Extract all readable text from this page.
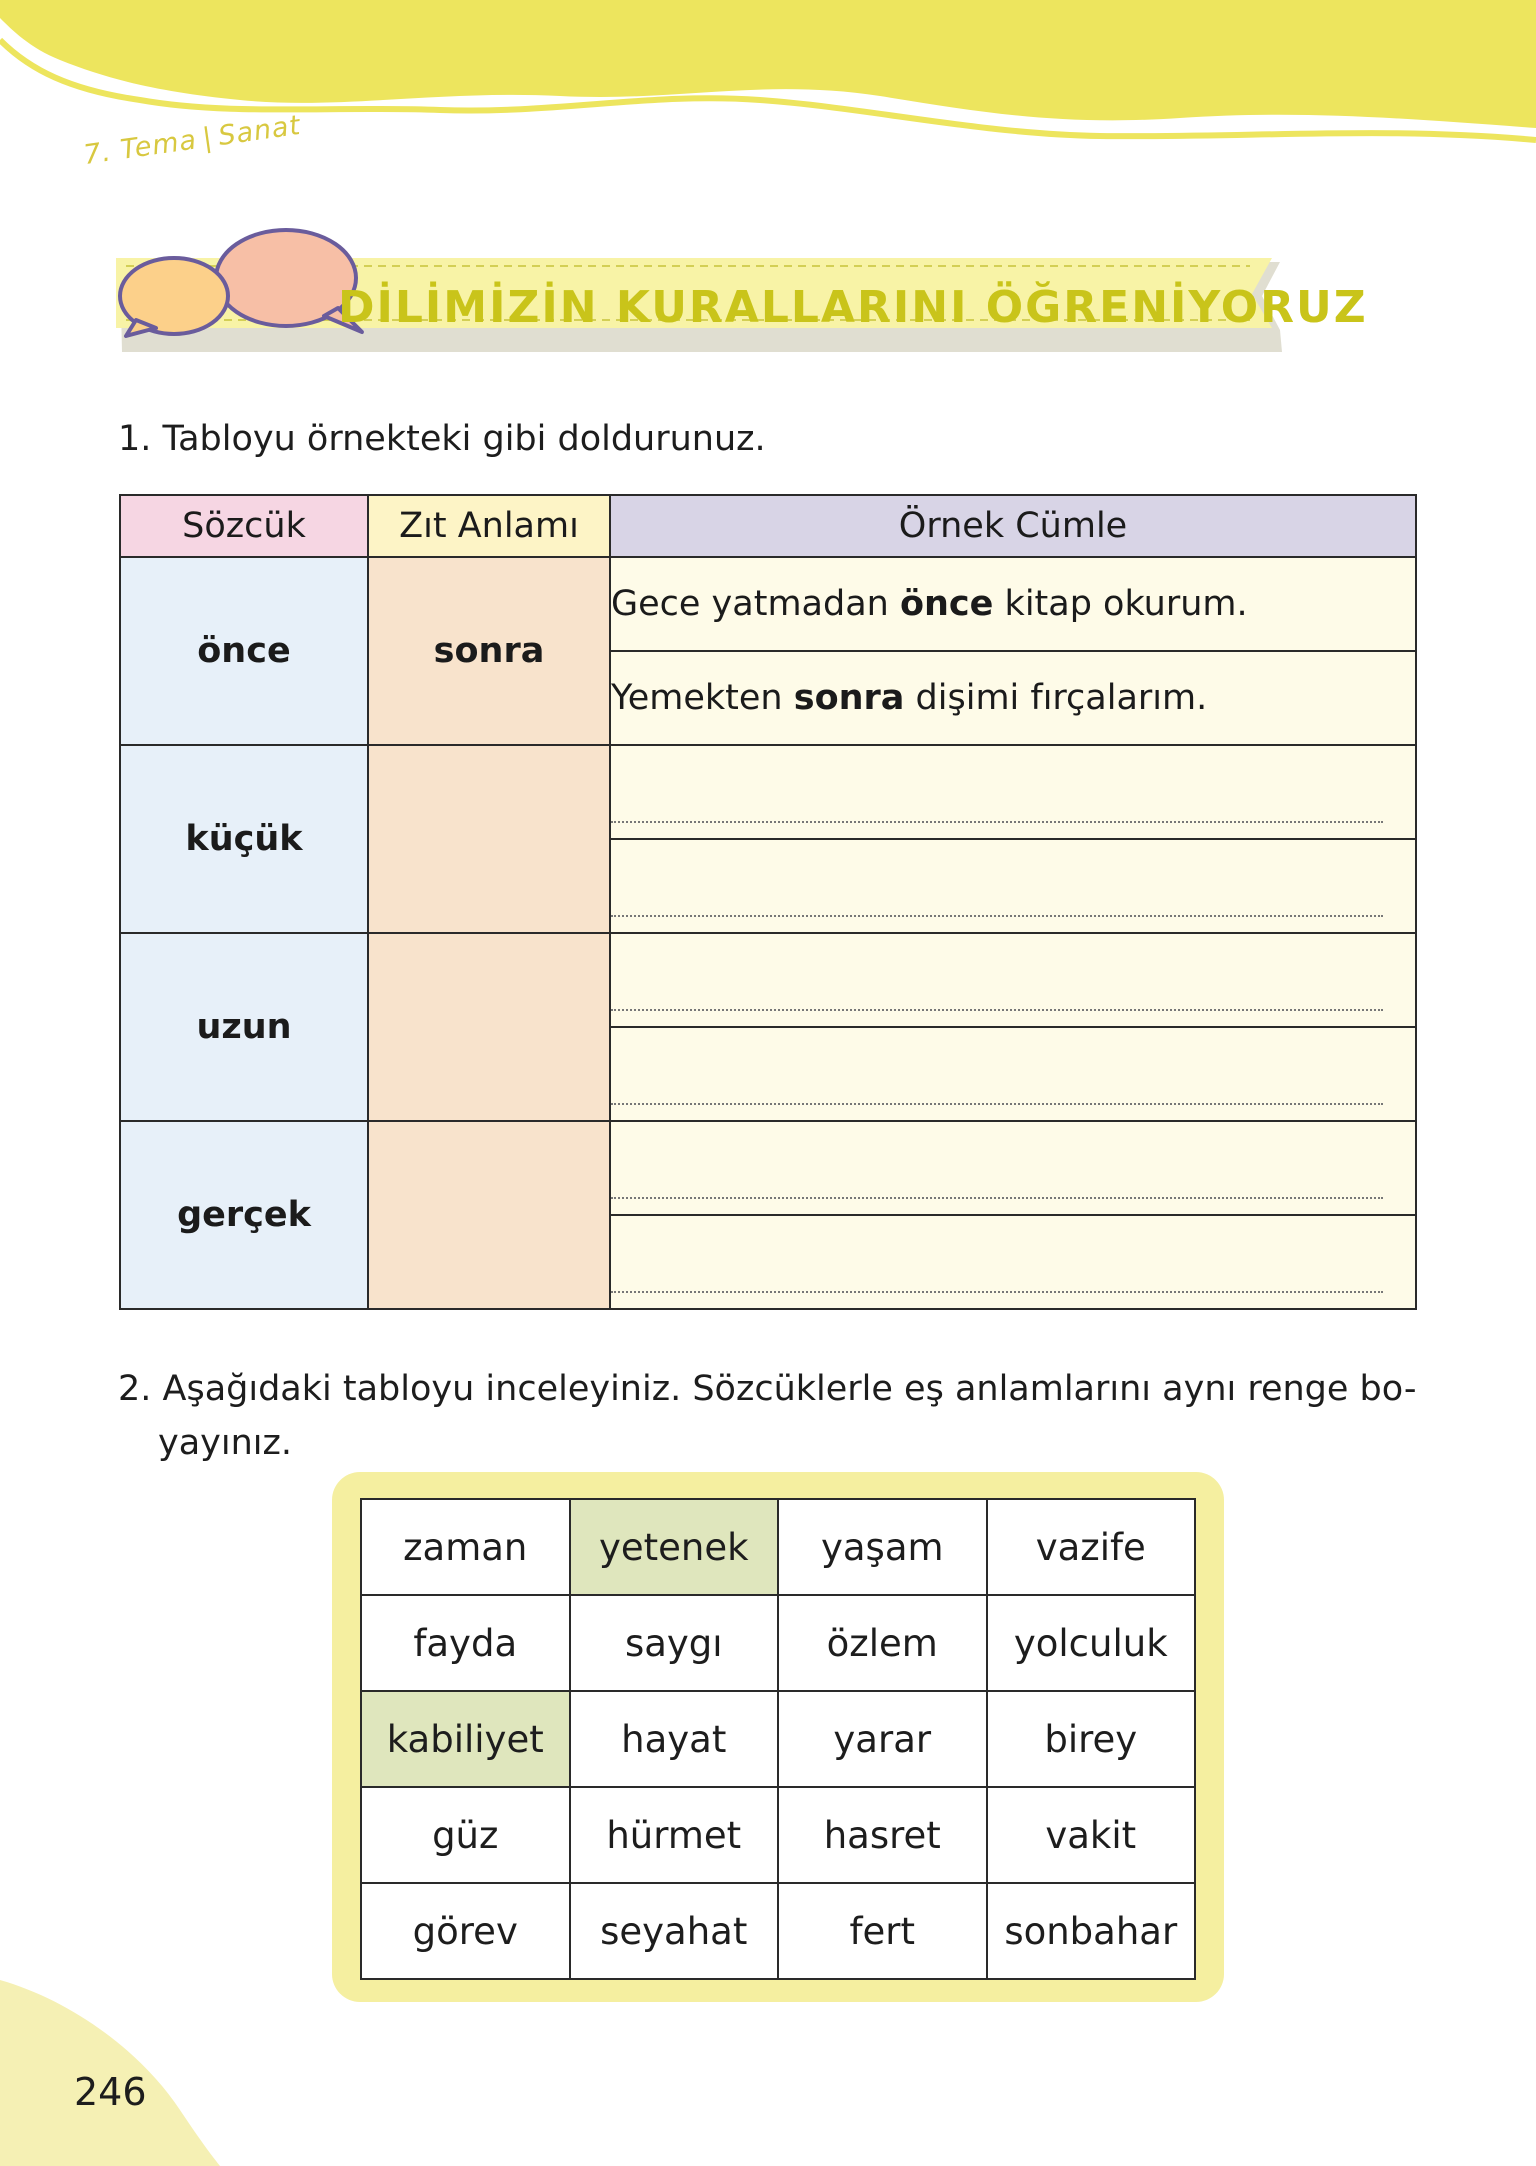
7. Tema|Sanat
DİLİMİZİN KURALLARINI ÖĞRENİYORUZ
1. Tabloyu örnekteki gibi doldurunuz.
Sözcük	Zıt Anlamı	Örnek Cümle
önce	sonra	Gece yatmadan önce kitap okurum.
		Yemekten sonra dişimi fırçalarım.
küçük		

uzun		

gerçek		

2. Aşağıdaki tabloyu inceleyiniz. Sözcüklerle eş anlamlarını aynı renge bo-
yayınız.
zaman	yetenek	yaşam	vazife
fayda	saygı	özlem	yolculuk
kabiliyet	hayat	yarar	birey
güz	hürmet	hasret	vakit
görev	seyahat	fert	sonbahar
246
